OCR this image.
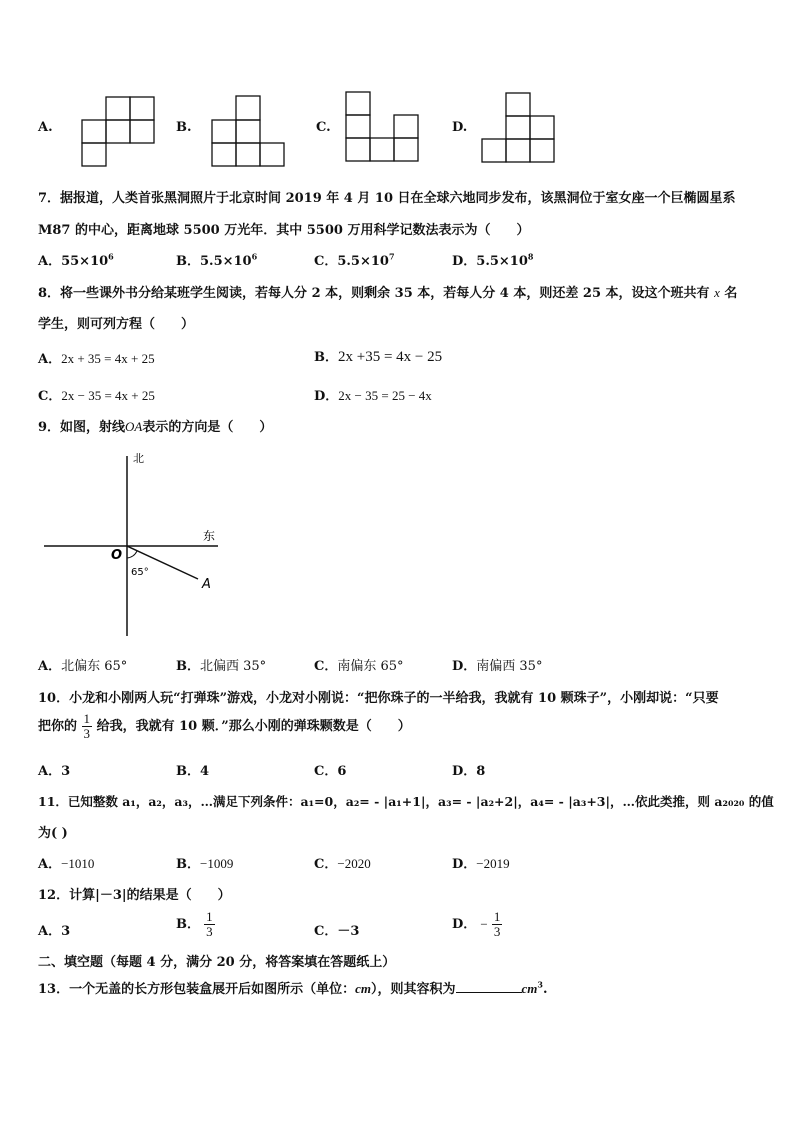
A.	B.	C.	D.
7．据报道，人类首张黑洞照片于北京时间 2019 年 4 月 10 日在全球六地同步发布，该黑洞位于室女座一个巨椭圆星系
M87 的中心，距离地球 5500 万光年．其中 5500 万用科学记数法表示为（　　）
A．$55\times 10^6$	B．$5.5\times 10^6$	C．$5.5\times 10^7$	D．$5.5\times 10^8$
8．将一些课外书分给某班学生阅读，若每人分 2 本，则剩余 35 本，若每人分 4 本，则还差 25 本，设这个班共有 x 名
学生，则可列方程（　　）
A．2x + 35 = 4x + 25	B．2x +35 = 4x − 25
C．2x − 35 = 4x + 25	D．2x − 35 = 25 − 4x
9．如图，射线OA表示的方向是（　　）
北
东
O
A
65°
A．北偏东 65°	B．北偏西 35°	C．南偏东 65°	D．南偏西 35°
10．小龙和小刚两人玩“打弹珠”游戏，小龙对小刚说：“把你珠子的一半给我，我就有 10 颗珠子”，小刚却说：“只要
把你的 $\frac{1}{3}$ 给我，我就有 10 颗．”那么小刚的弹珠颗数是（　　）
A．3	B．4	C．6	D．8
11．已知整数 a₁，a₂，a₃，…满足下列条件：a₁=0，a₂= - |a₁+1|，a₃= - |a₂+2|，a₄= - |a₃+3|，…依此类推，则 a₂₀₂₀ 的值
为( )
A．−1010	B．−1009	C．−2020	D．−2019
12．计算|－3|的结果是（　　）
A．3	B． $\frac{1}{3}$	C．－3	D． − $\frac{1}{3}$
二、填空题（每题 4 分，满分 20 分，将答案填在答题纸上）
13．一个无盖的长方形包装盒展开后如图所示（单位：cm），则其容积为	$cm^3$.
